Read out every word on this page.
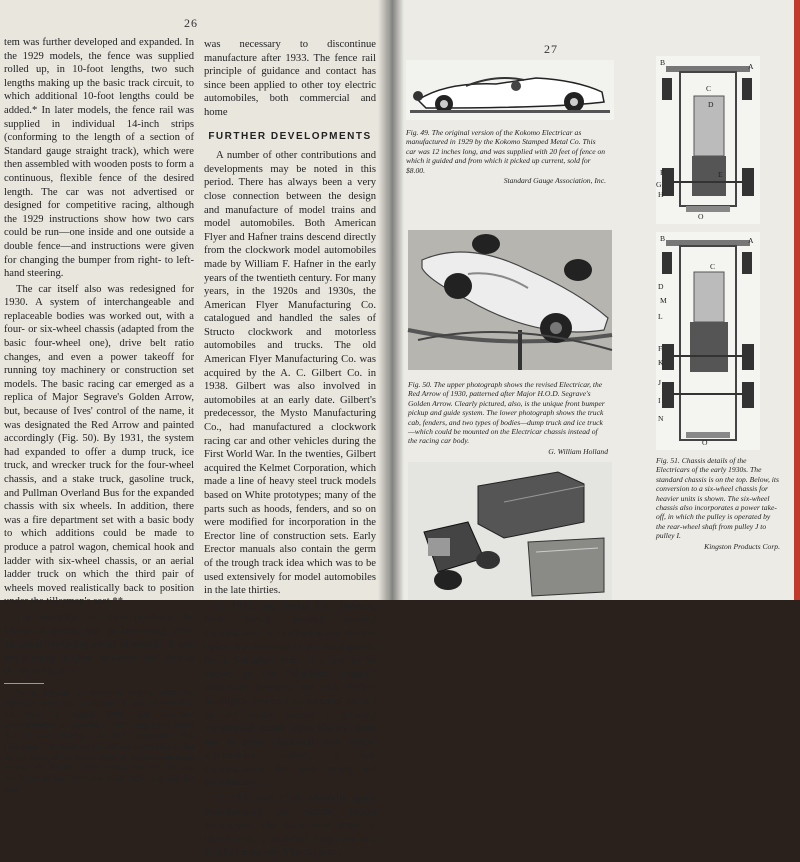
26

tem was further developed and expanded. In the 1929 models, the fence was supplied rolled up, in 10-foot lengths, two such lengths making up the basic track circuit, to which additional 10-foot lengths could be added.* In later models, the fence rail was supplied in individual 14-inch strips (conforming to the length of a section of Standard gauge straight track), which were then assembled with wooden posts to form a continuous, flexible fence of the desired length. The car was not advertised or designed for competitive racing, although the 1929 instructions show how two cars could be run—one inside and one outside a double fence—and instructions were given for changing the bumper from right- to left-hand steering.

The car itself also was redesigned for 1930. A system of interchangeable and replaceable bodies was worked out, with a four- or six-wheel chassis (adapted from the basic four-wheel one), drive belt ratio changes, and even a power takeoff for running toy machinery or construction set models. The basic racing car emerged as a replica of Major Segrave's Golden Arrow, but, because of Ives' control of the name, it was designated the Red Arrow and painted accordingly (Fig. 50). By 1931, the system had expanded to offer a dump truck, ice truck, and wrecker truck for the four-wheel chassis, and a stake truck, gasoline truck, and Pullman Overland Bus for the expanded chassis with six wheels. In addition, there was a fire department set with a basic body to which additions could be made to produce a patrol wagon, chemical hook and ladder with six-wheel chassis, or an aerial ladder truck on which the third pair of wheels moved realistically back to position under the tillerman's seat.**

The Electricar, or, more precisely, the Electricar system, was an interesting, well-designed, intriguing series of models. It was not a cheap product, however, and, due to the depression, it

*It is difficult to determine exactly when the Electricar went into production. It was advertised to the trade in August 1928, and consumer advertisements in December 1928 magazines stated that it was making "its first appearance this Christmas." No exact factory records are available, but on the basis of his recollection of certain concurrent events, Mr. Woolley feels certain that the car was developed in late 1928 and early 1929, and that the first

was necessary to discontinue manufacture after 1933. The fence rail principle of guidance and contact has since been applied to other toy electric automobiles, both commercial and home

FURTHER DEVELOPMENTS

A number of other contributions and developments may be noted in this period. There has always been a very close connection between the design and manufacture of model trains and model automobiles. Both American Flyer and Hafner trains descend directly from the clockwork model automobiles made by William F. Hafner in the early years of the twentieth century. For many years, in the 1920s and 1930s, the American Flyer Manufacturing Co. catalogued and handled the sales of Structo clockwork and motorless automobiles and trucks. The old American Flyer Manufacturing Co. was acquired by the A. C. Gilbert Co. in 1938. Gilbert was also involved in automobiles at an early date. Gilbert's predecessor, the Mysto Manufacturing Co., had manufactured a clockwork racing car and other vehicles during the First World War. In the twenties, Gilbert acquired the Kelmet Corporation, which made a line of heavy steel truck models based on White prototypes; many of the parts such as hoods, fenders, and so on were modified for incorporation in the Erector line of construction sets. Early Erector manuals also contain the germ of the trough track idea which was to be used extensively for model automobiles in the late thirties.

In 1935, the Dorfan Co., Newark, New Jersey, another leading manufacturer of clockwork and electric trains, was involved in the development for a Canadian firm of a toy to be known as the "Northern Logger," clockwork powered, but with electric headlights powered by batteries carried on the trucks. Indeed, a growing commercial model trains history; there has in time connected with model automobiles. Gilbert, a few manufacturers that were going and manufacture.

In 1935 and 1936, Maerklin again manufactured an electric model automobile. The track went about 3-inches wide, a modified trough and in a middle center rail. The car was ...

27
Fig. 49. The original version of the Kokomo Electricar as manufactured in 1929 by the Kokomo Stamped Metal Co. This car was 12 inches long, and was supplied with 20 feet of fence on which it guided and from which it picked up current, sold for $8.00.
Standard Gauge Association, Inc.
Fig. 50. The upper photograph shows the revised Electricar, the Red Arrow of 1930, patterned after Major H.O.D. Segrave's Golden Arrow. Clearly pictured, also, is the unique front bumper pickup and guide system. The lower photograph shows the truck cab, fenders, and two types of bodies—dump truck and ice truck—which could be mounted on the Electricar chassis instead of the racing car body.
G. William Holland
B	A
C
D
F	E
G
H
O
B	A
C
D
M
L
F
K
J
I
N
O
Fig. 51. Chassis details of the Electricars of the early 1930s. The standard chassis is on the top. Below, its conversion to a six-wheel chassis for heavier units is shown. The six-wheel chassis also incorporates a power take-off, in which the pulley is operated by the rear-wheel shaft from pulley J to pulley I.
Kingston Products Corp.
